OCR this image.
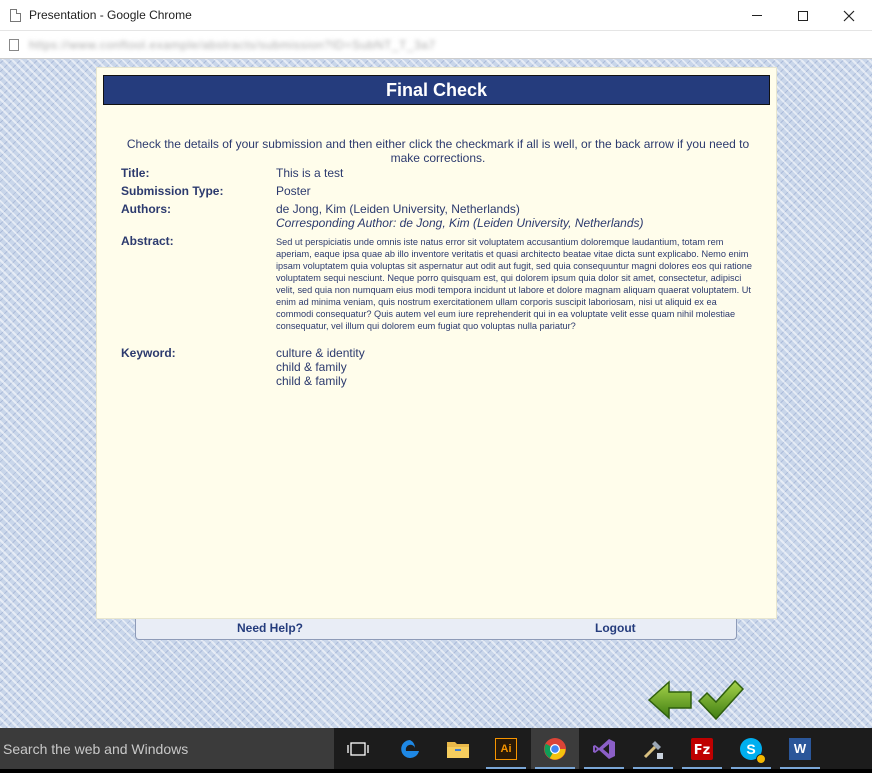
Presentation - Google Chrome
https://www.conftool.example/abstracts/submission?ID=SubNT_T_3a7
Final Check
Check the details of your submission and then either click the checkmark if all is well, or the back arrow if you need to make corrections.
Title:	This is a test
Submission Type:	Poster
Authors:	de Jong, Kim (Leiden University, Netherlands)
Corresponding Author: de Jong, Kim (Leiden University, Netherlands)
Abstract:	Sed ut perspiciatis unde omnis iste natus error sit voluptatem accusantium doloremque laudantium, totam rem aperiam, eaque ipsa quae ab illo inventore veritatis et quasi architecto beatae vitae dicta sunt explicabo. Nemo enim ipsam voluptatem quia voluptas sit aspernatur aut odit aut fugit, sed quia consequuntur magni dolores eos qui ratione voluptatem sequi nesciunt. Neque porro quisquam est, qui dolorem ipsum quia dolor sit amet, consectetur, adipisci velit, sed quia non numquam eius modi tempora incidunt ut labore et dolore magnam aliquam quaerat voluptatem. Ut enim ad minima veniam, quis nostrum exercitationem ullam corporis suscipit laboriosam, nisi ut aliquid ex ea commodi consequatur? Quis autem vel eum iure reprehenderit qui in ea voluptate velit esse quam nihil molestiae consequatur, vel illum qui dolorem eum fugiat quo voluptas nulla pariatur?
Keyword:	culture & identity
child & family
child & family
Need Help?	Logout
Search the web and Windows	Ai	Fz	S	W
